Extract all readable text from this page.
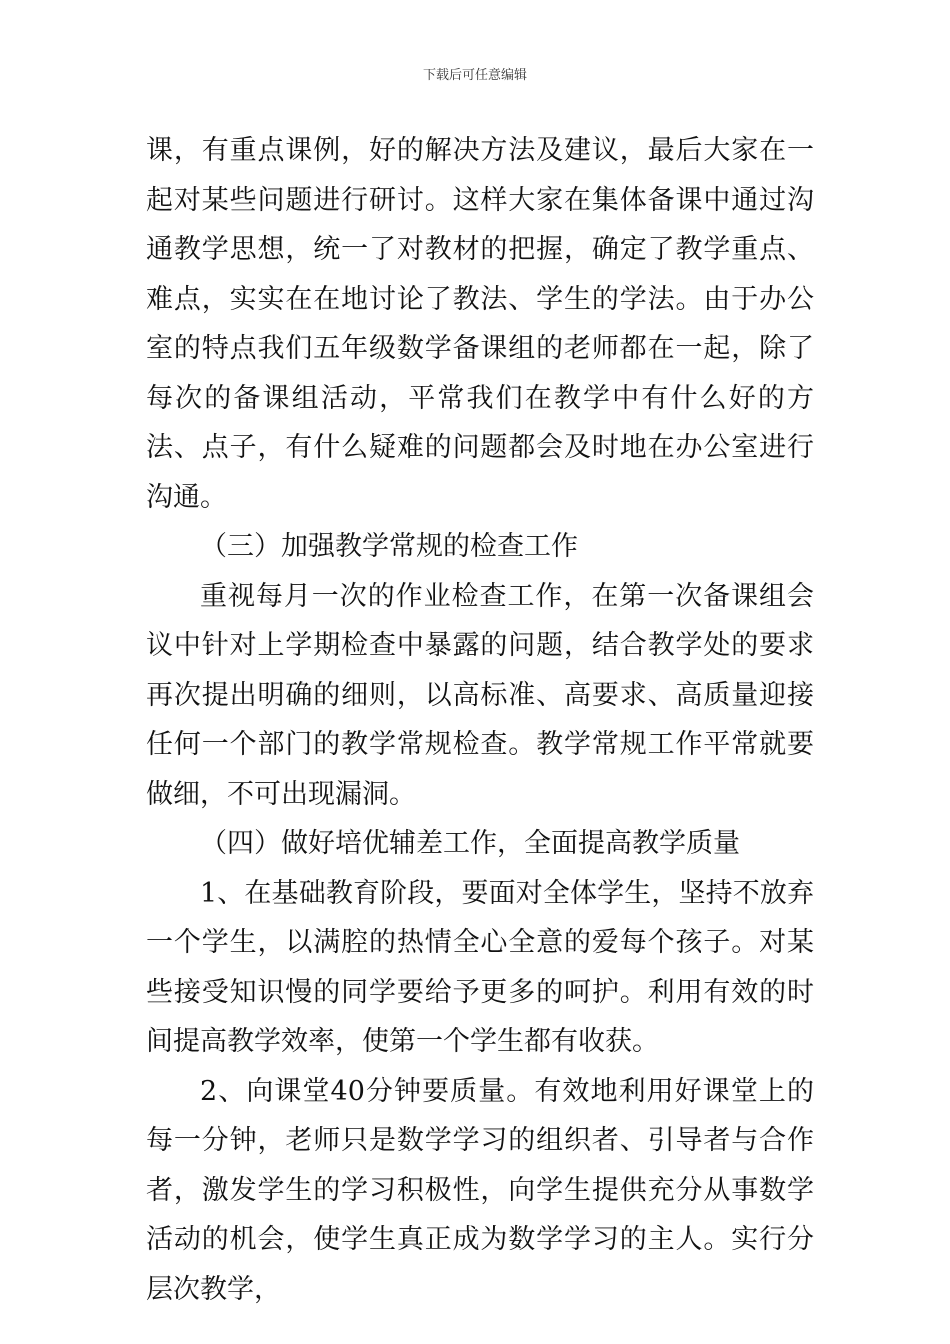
下载后可任意编辑

课，有重点课例，好的解决方法及建议，最后大家在一起对某些问题进行研讨。这样大家在集体备课中通过沟通教学思想，统一了对教材的把握，确定了教学重点、难点，实实在在地讨论了教法、学生的学法。由于办公室的特点我们五年级数学备课组的老师都在一起，除了每次的备课组活动，平常我们在教学中有什么好的方法、点子，有什么疑难的问题都会及时地在办公室进行沟通。

（三）加强教学常规的检查工作

重视每月一次的作业检查工作，在第一次备课组会议中针对上学期检查中暴露的问题，结合教学处的要求再次提出明确的细则，以高标准、高要求、高质量迎接任何一个部门的教学常规检查。教学常规工作平常就要做细，不可出现漏洞。

（四）做好培优辅差工作，全面提高教学质量

1、在基础教育阶段，要面对全体学生，坚持不放弃一个学生，以满腔的热情全心全意的爱每个孩子。对某些接受知识慢的同学要给予更多的呵护。利用有效的时间提高教学效率，使第一个学生都有收获。

2、向课堂40分钟要质量。有效地利用好课堂上的每一分钟，老师只是数学学习的组织者、引导者与合作者，激发学生的学习积极性，向学生提供充分从事数学活动的机会，使学生真正成为数学学习的主人。实行分层次教学，
